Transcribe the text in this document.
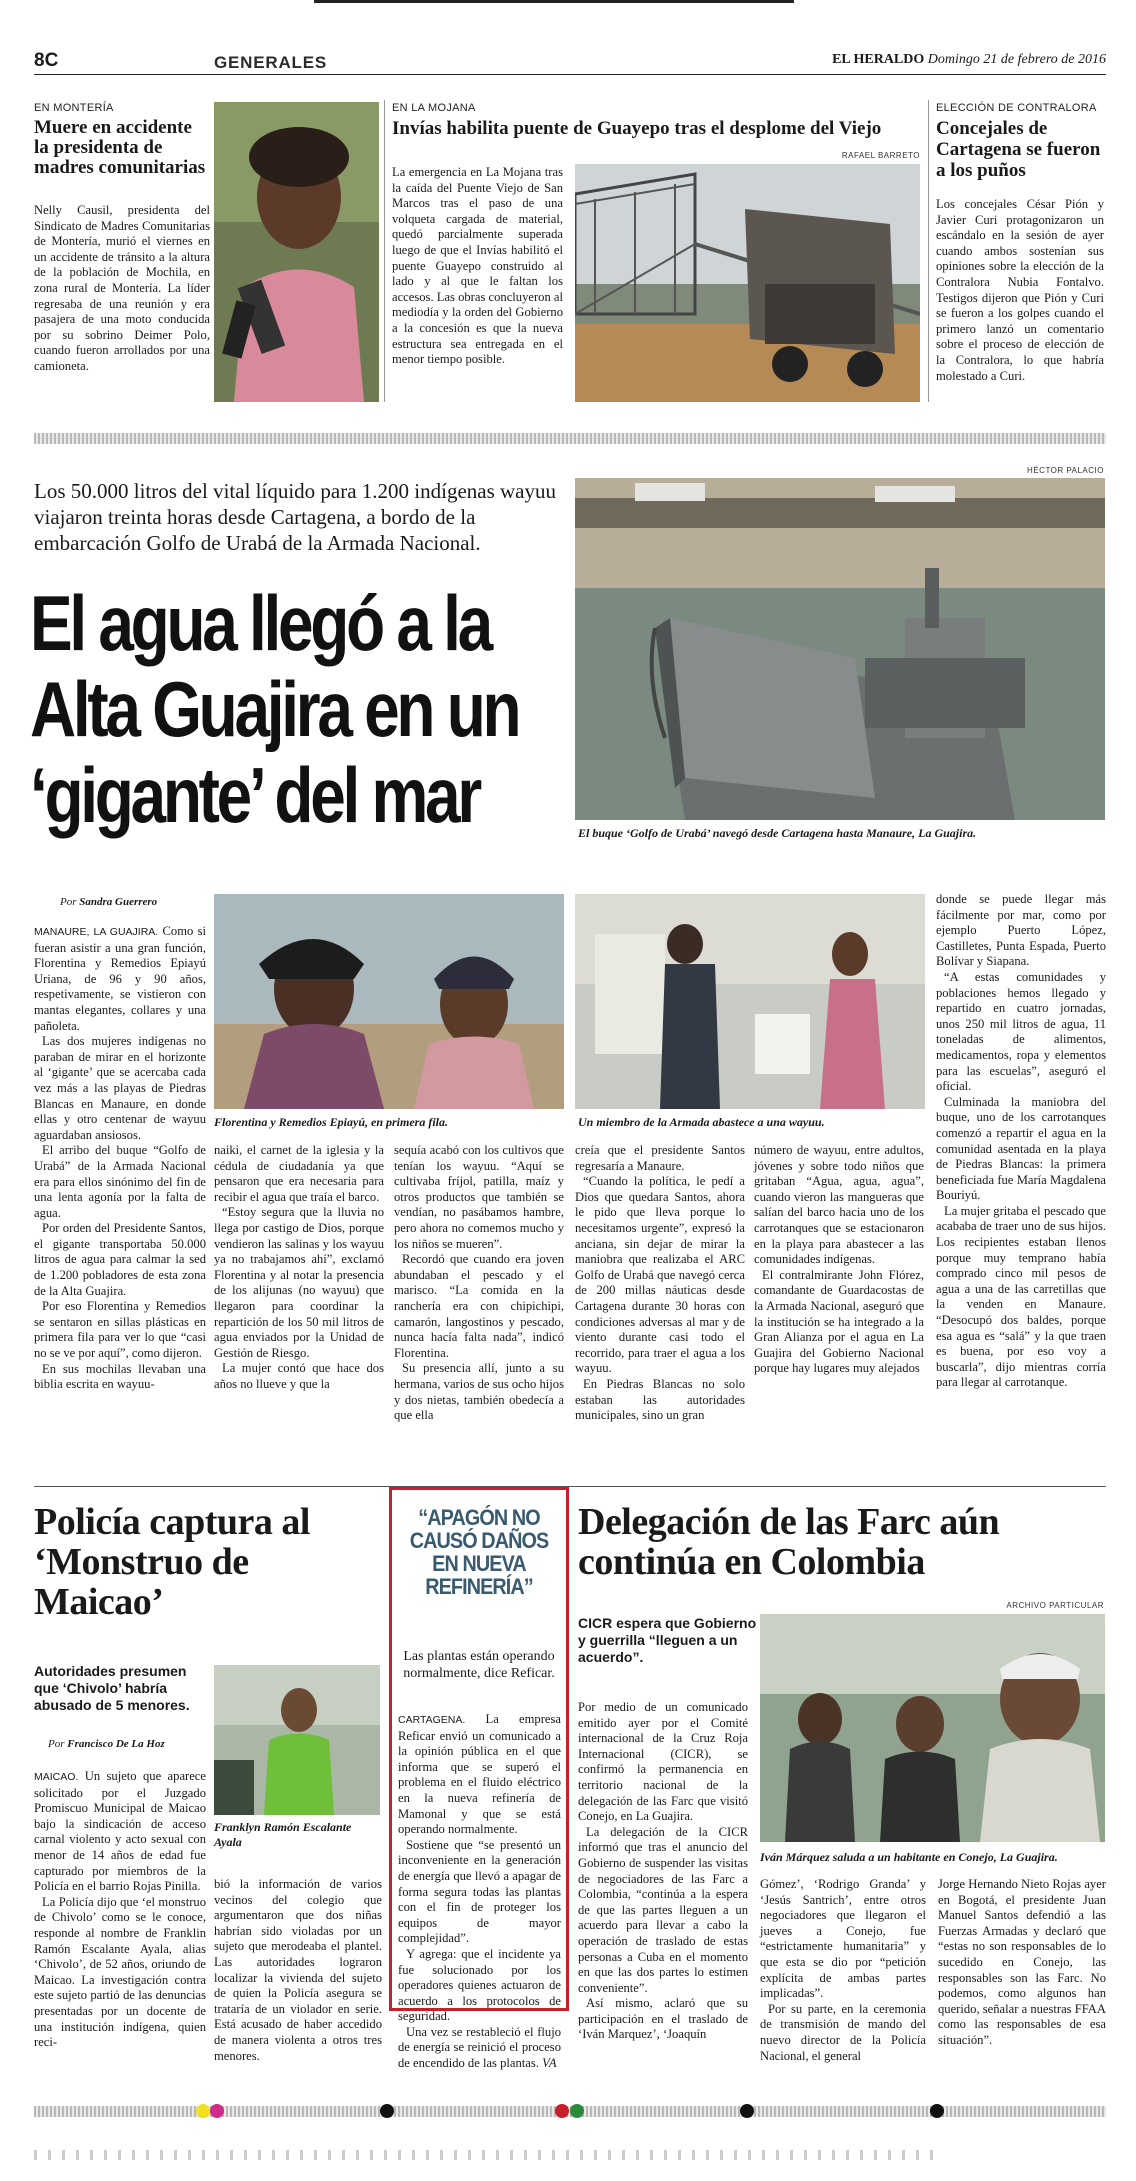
8C	GENERALES	EL HERALDO Domingo 21 de febrero de 2016
EN MONTERÍA
Muere en accidente la presidenta de madres comunitarias
Nelly Causil, presidenta del Sindicato de Madres Comunitarias de Montería, murió el viernes en un accidente de tránsito a la altura de la población de Mochila, en zona rural de Montería. La líder regresaba de una reunión y era pasajera de una moto conducida por su sobrino Deimer Polo, cuando fueron arrollados por una camioneta.
EN LA MOJANA
Invías habilita puente de Guayepo tras el desplome del Viejo
RAFAEL BARRETO
La emergencia en La Mojana tras la caída del Puente Viejo de San Marcos tras el paso de una volqueta cargada de material, quedó parcialmente superada luego de que el Invías habilitó el puente Guayepo construido al lado y al que le faltan los accesos. Las obras concluyeron al mediodía y la orden del Gobierno a la concesión es que la nueva estructura sea entregada en el menor tiempo posible.
ELECCIÓN DE CONTRALORA
Concejales de Cartagena se fueron a los puños
Los concejales César Pión y Javier Curi protagonizaron un escándalo en la sesión de ayer cuando ambos sostenían sus opiniones sobre la elección de la Contralora Nubia Fontalvo. Testigos dijeron que Pión y Curi se fueron a los golpes cuando el primero lanzó un comentario sobre el proceso de elección de la Contralora, lo que habría molestado a Curi.
Los 50.000 litros del vital líquido para 1.200 indígenas wayuu viajaron treinta horas desde Cartagena, a bordo de la embarcación Golfo de Urabá de la Armada Nacional.
El agua llegó a la Alta Guajira en un ‘gigante’ del mar
HÉCTOR PALACIO
El buque ‘Golfo de Urabá’ navegó desde Cartagena hasta Manaure, La Guajira.
Por Sandra Guerrero
Florentina y Remedios Epiayú, en primera fila.	Un miembro de la Armada abastece a una wayuu.

MANAURE, LA GUAJIRA. Como si fueran asistir a una gran función, Florentina y Remedios Epiayú Uriana, de 96 y 90 años, respetivamente, se vistieron con mantas elegantes, collares y una pañoleta.

Las dos mujeres indígenas no paraban de mirar en el horizonte al ‘gigante’ que se acercaba cada vez más a las playas de Piedras Blancas en Manaure, en donde ellas y otro centenar de wayuu aguardaban ansiosos.

El arribo del buque “Golfo de Urabá” de la Armada Nacional era para ellos sinónimo del fin de una lenta agonía por la falta de agua.

Por orden del Presidente Santos, el gigante transportaba 50.000 litros de agua para calmar la sed de 1.200 pobladores de esta zona de la Alta Guajira.

Por eso Florentina y Remedios se sentaron en sillas plásticas en primera fila para ver lo que “casi no se ve por aquí”, como dijeron.

En sus mochilas llevaban una biblia escrita en wayuu-

naiki, el carnet de la iglesia y la cédula de ciudadanía ya que pensaron que era necesaria para recibir el agua que traía el barco.

“Estoy segura que la lluvia no llega por castigo de Dios, porque vendieron las salinas y los wayuu ya no trabajamos ahí”, exclamó Florentina y al notar la presencia de los alijunas (no wayuu) que llegaron para coordinar la repartición de los 50 mil litros de agua enviados por la Unidad de Gestión de Riesgo.

La mujer contó que hace dos años no llueve y que la

sequía acabó con los cultivos que tenían los wayuu. “Aquí se cultivaba fríjol, patilla, maíz y otros productos que también se vendían, no pasábamos hambre, pero ahora no comemos mucho y los niños se mueren”.

Recordó que cuando era joven abundaban el pescado y el marisco. “La comida en la ranchería era con chipichipi, camarón, langostinos y pescado, nunca hacía falta nada”, indicó Florentina.

Su presencia allí, junto a su hermana, varios de sus ocho hijos y dos nietas, también obedecía a que ella

creía que el presidente Santos regresaría a Manaure.

“Cuando la política, le pedí a Dios que quedara Santos, ahora le pido que lleva porque lo necesitamos urgente”, expresó la anciana, sin dejar de mirar la maniobra que realizaba el ARC Golfo de Urabá que navegó cerca de 200 millas náuticas desde Cartagena durante 30 horas con condiciones adversas al mar y de viento durante casi todo el recorrido, para traer el agua a los wayuu.

En Piedras Blancas no solo estaban las autoridades municipales, sino un gran

número de wayuu, entre adultos, jóvenes y sobre todo niños que gritaban “Agua, agua, agua”, cuando vieron las mangueras que salían del barco hacia uno de los carrotanques que se estacionaron en la playa para abastecer a las comunidades indígenas.

El contralmirante John Flórez, comandante de Guardacostas de la Armada Nacional, aseguró que la institución se ha integrado a la Gran Alianza por el agua en La Guajira del Gobierno Nacional porque hay lugares muy alejados

donde se puede llegar más fácilmente por mar, como por ejemplo Puerto López, Castilletes, Punta Espada, Puerto Bolívar y Siapana.

“A estas comunidades y poblaciones hemos llegado y repartido en cuatro jornadas, unos 250 mil litros de agua, 11 toneladas de alimentos, medicamentos, ropa y elementos para las escuelas”, aseguró el oficial.

Culminada la maniobra del buque, uno de los carrotanques comenzó a repartir el agua en la comunidad asentada en la playa de Piedras Blancas: la primera beneficiada fue María Magdalena Bouriyú.

La mujer gritaba el pescado que acababa de traer uno de sus hijos. Los recipientes estaban llenos porque muy temprano había comprado cinco mil pesos de agua a una de las carretillas que la venden en Manaure. “Desocupó dos baldes, porque esa agua es “salá” y la que traen es buena, por eso voy a buscarla”, dijo mientras corría para llegar al carrotanque.

Policía captura al ‘Monstruo de Maicao’
Autoridades presumen que ‘Chivolo’ habría abusado de 5 menores.
Por Francisco De La Hoz
Franklyn Ramón Escalante Ayala

MAICAO. Un sujeto que aparece solicitado por el Juzgado Promiscuo Municipal de Maicao bajo la sindicación de acceso carnal violento y acto sexual con menor de 14 años de edad fue capturado por miembros de la Policía en el barrio Rojas Pinilla.

La Policía dijo que ‘el monstruo de Chivolo’ como se le conoce, responde al nombre de Franklin Ramón Escalante Ayala, alias ‘Chivolo’, de 52 años, oriundo de Maicao. La investigación contra este sujeto partió de las denuncias presentadas por un docente de una institución indígena, quien reci-

bió la información de varios vecinos del colegio que argumentaron que dos niñas habrían sido violadas por un sujeto que merodeaba el plantel. Las autoridades lograron localizar la vivienda del sujeto de quien la Policía asegura se trataría de un violador en serie. Está acusado de haber accedido de manera violenta a otros tres menores.

“APAGÓN NO CAUSÓ DAÑOS EN NUEVA REFINERÍA”
Las plantas están operando normalmente, dice Reficar.

CARTAGENA. La empresa Reficar envió un comunicado a la opinión pública en el que informa que se superó el problema en el fluido eléctrico en la nueva refinería de Mamonal y que se está operando normalmente.

Sostiene que “se presentó un inconveniente en la generación de energía que llevó a apagar de forma segura todas las plantas con el fin de proteger los equipos de mayor complejidad”.

Y agrega: que el incidente ya fue solucionado por los operadores quienes actuaron de acuerdo a los protocolos de seguridad.

Una vez se restableció el flujo de energía se reinició el proceso de encendido de las plantas. VA

Delegación de las Farc aún continúa en Colombia
CICR espera que Gobierno y guerrilla “lleguen a un acuerdo”.
ARCHIVO PARTICULAR
Iván Márquez saluda a un habitante en Conejo, La Guajira.

Por medio de un comunicado emitido ayer por el Comité internacional de la Cruz Roja Internacional (CICR), se confirmó la permanencia en territorio nacional de la delegación de las Farc que visitó Conejo, en La Guajira.

La delegación de la CICR informó que tras el anuncio del Gobierno de suspender las visitas de negociadores de las Farc a Colombia, “continúa a la espera de que las partes lleguen a un acuerdo para llevar a cabo la operación de traslado de estas personas a Cuba en el momento en que las dos partes lo estimen conveniente”.

Así mismo, aclaró que su participación en el traslado de ‘Iván Marquez’, ‘Joaquín

Gómez’, ‘Rodrigo Granda’ y ‘Jesús Santrich’, entre otros negociadores que llegaron el jueves a Conejo, fue “estrictamente humanitaria” y que esta se dio por “petición explícita de ambas partes implicadas”.

Por su parte, en la ceremonia de transmisión de mando del nuevo director de la Policía Nacional, el general

Jorge Hernando Nieto Rojas ayer en Bogotá, el presidente Juan Manuel Santos defendió a las Fuerzas Armadas y declaró que “estas no son responsables de lo sucedido en Conejo, las responsables son las Farc. No podemos, como algunos han querido, señalar a nuestras FFAA como las responsables de esa situación”.
